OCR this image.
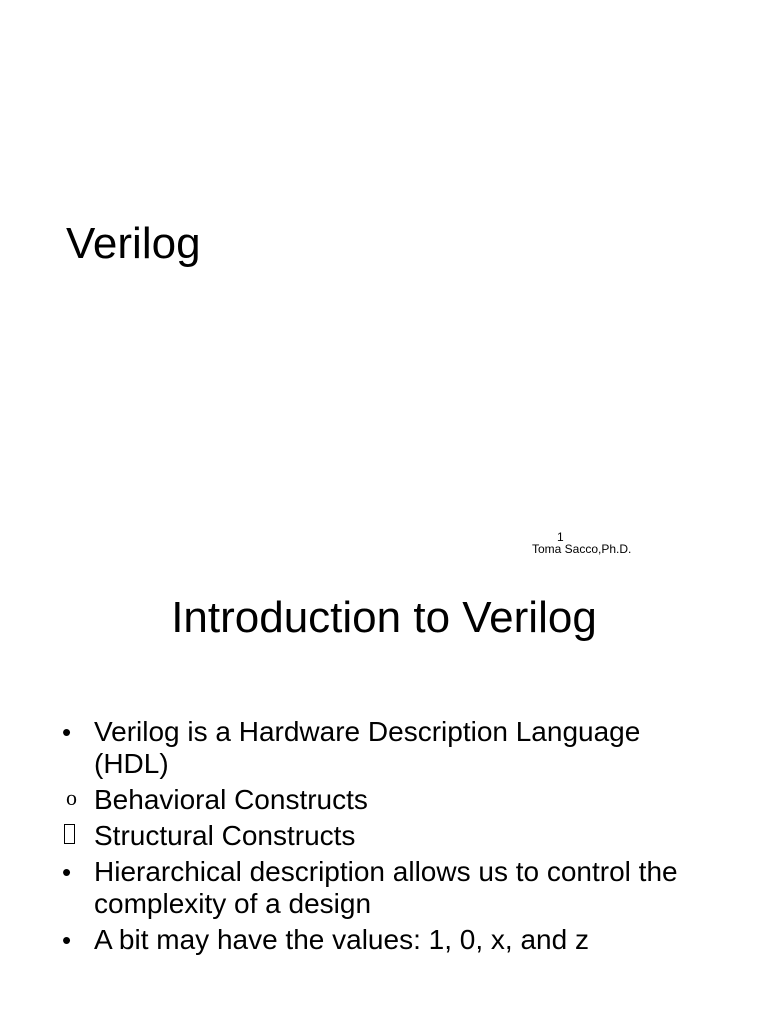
Verilog
1
Toma Sacco,Ph.D.
Introduction to Verilog
• Verilog is a Hardware Description Language (HDL)
o Behavioral Constructs
Structural Constructs
• Hierarchical description allows us to control the complexity of a design
• A bit may have the values: 1, 0, x, and z
